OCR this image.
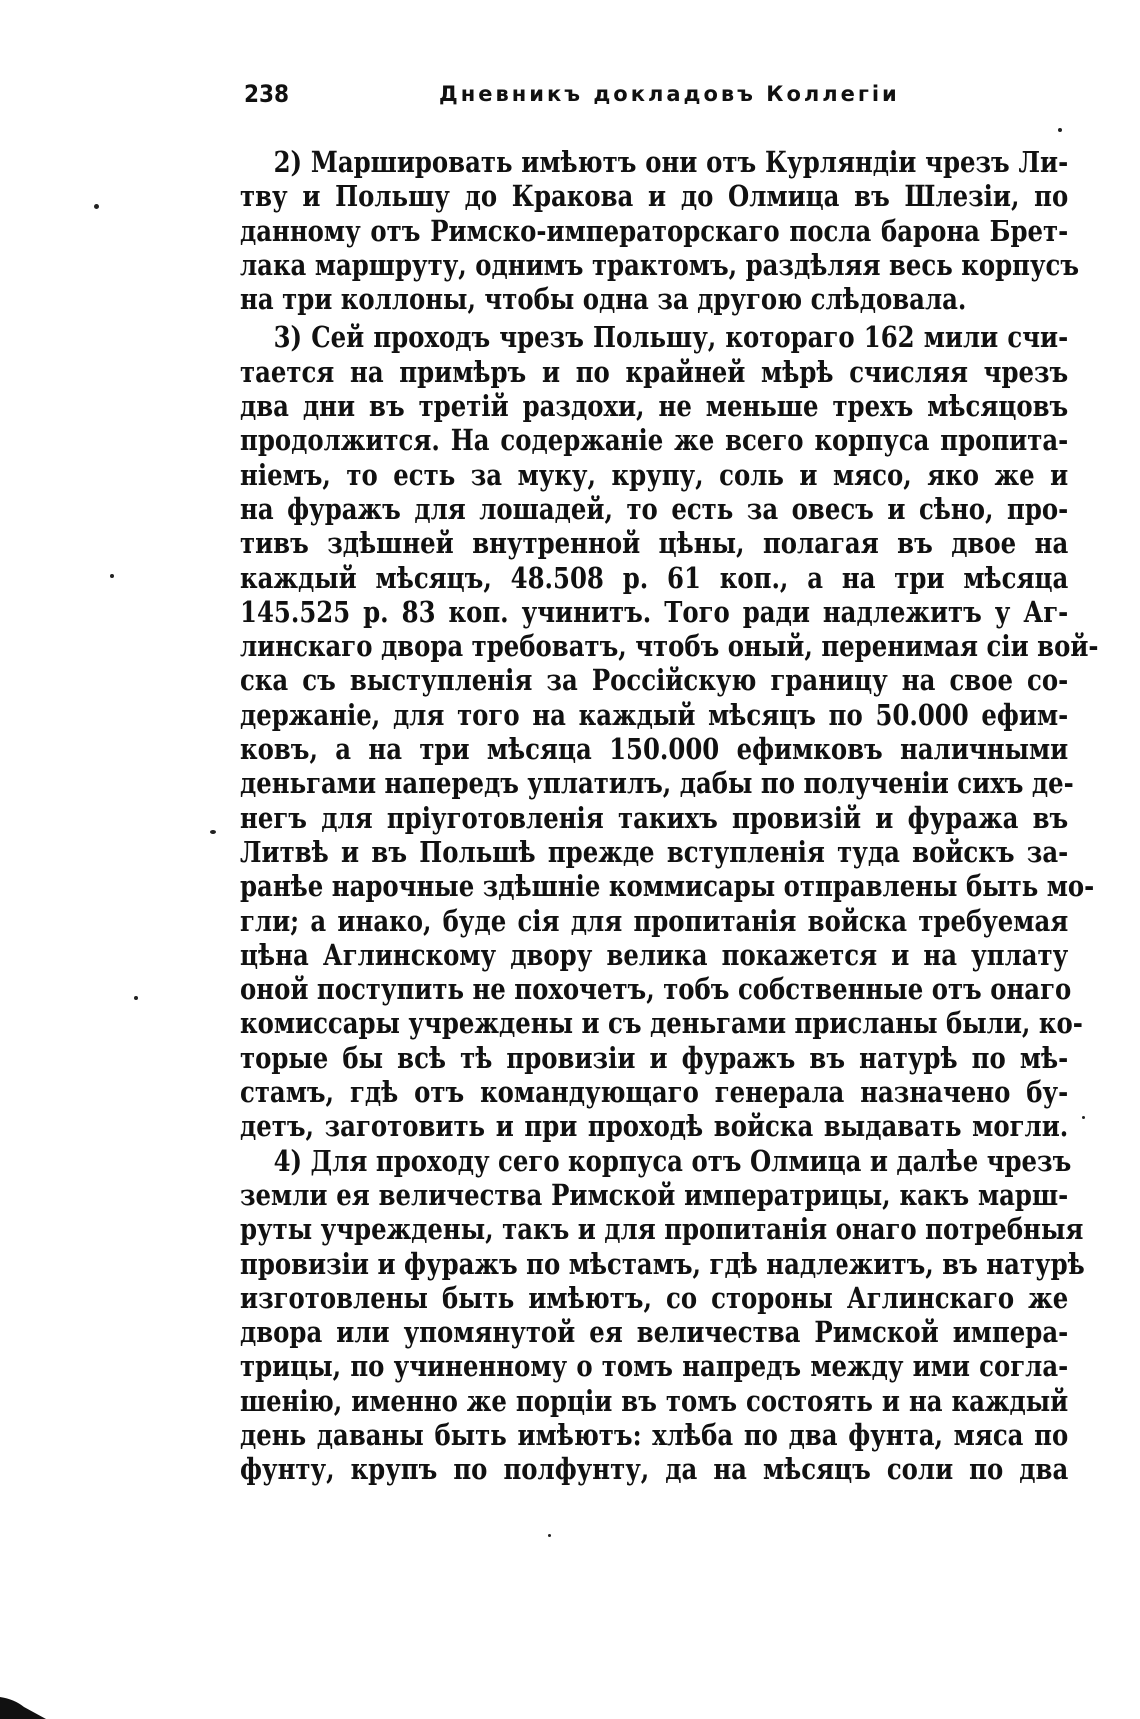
238	Дневникъ докладовъ Коллегіи
2) Маршировать имѣютъ они отъ Курляндіи чрезъ Ли-
тву и Польшу до Кракова и до Олмица въ Шлезіи, по
данному отъ Римско-императорскаго посла барона Брет-
лака маршруту, однимъ трактомъ, раздѣляя весь корпусъ
на три коллоны, чтобы одна за другою слѣдовала.
3) Сей проходъ чрезъ Польшу, котораго 162 мили счи-
тается на примѣръ и по крайней мѣрѣ счисляя чрезъ
два дни въ третій раздохи, не меньше трехъ мѣсяцовъ
продолжится. На содержаніе же всего корпуса пропита-
ніемъ, то есть за муку, крупу, соль и мясо, яко же и
на фуражъ для лошадей, то есть за овесъ и сѣно, про-
тивъ здѣшней внутренной цѣны, полагая въ двое на
каждый мѣсяцъ, 48.508 р. 61 коп., а на три мѣсяца
145.525 р. 83 коп. учинитъ. Того ради надлежитъ у Аг-
линскаго двора требоватъ, чтобъ оный, перенимая сіи вой-
ска съ выступленія за Россійскую границу на свое со-
держаніе, для того на каждый мѣсяцъ по 50.000 ефим-
ковъ, а на три мѣсяца 150.000 ефимковъ наличными
деньгами напередъ уплатилъ, дабы по полученіи сихъ де-
негъ для пріуготовленія такихъ провизій и фуража въ
Литвѣ и въ Польшѣ прежде вступленія туда войскъ за-
ранѣе нарочные здѣшніе коммисары отправлены быть мо-
гли; а инако, буде сія для пропитанія войска требуемая
цѣна Аглинскому двору велика покажется и на уплату
оной поступить не похочетъ, тобъ собственные отъ онаго
комиссары учреждены и съ деньгами присланы были, ко-
торые бы всѣ тѣ провизіи и фуражъ въ натурѣ по мѣ-
стамъ, гдѣ отъ командующаго генерала назначено бу-
детъ, заготовить и при проходѣ войска выдавать могли.
4) Для проходу сего корпуса отъ Олмица и далѣе чрезъ
земли ея величества Римской императрицы, какъ марш-
руты учреждены, такъ и для пропитанія онаго потребныя
провизіи и фуражъ по мѣстамъ, гдѣ надлежитъ, въ натурѣ
изготовлены быть имѣютъ, со стороны Аглинскаго же
двора или упомянутой ея величества Римской импера-
трицы, по учиненному о томъ напредъ между ими согла-
шенію, именно же порціи въ томъ состоять и на каждый
день даваны быть имѣютъ: хлѣба по два фунта, мяса по
фунту, крупъ по полфунту, да на мѣсяцъ соли по два
